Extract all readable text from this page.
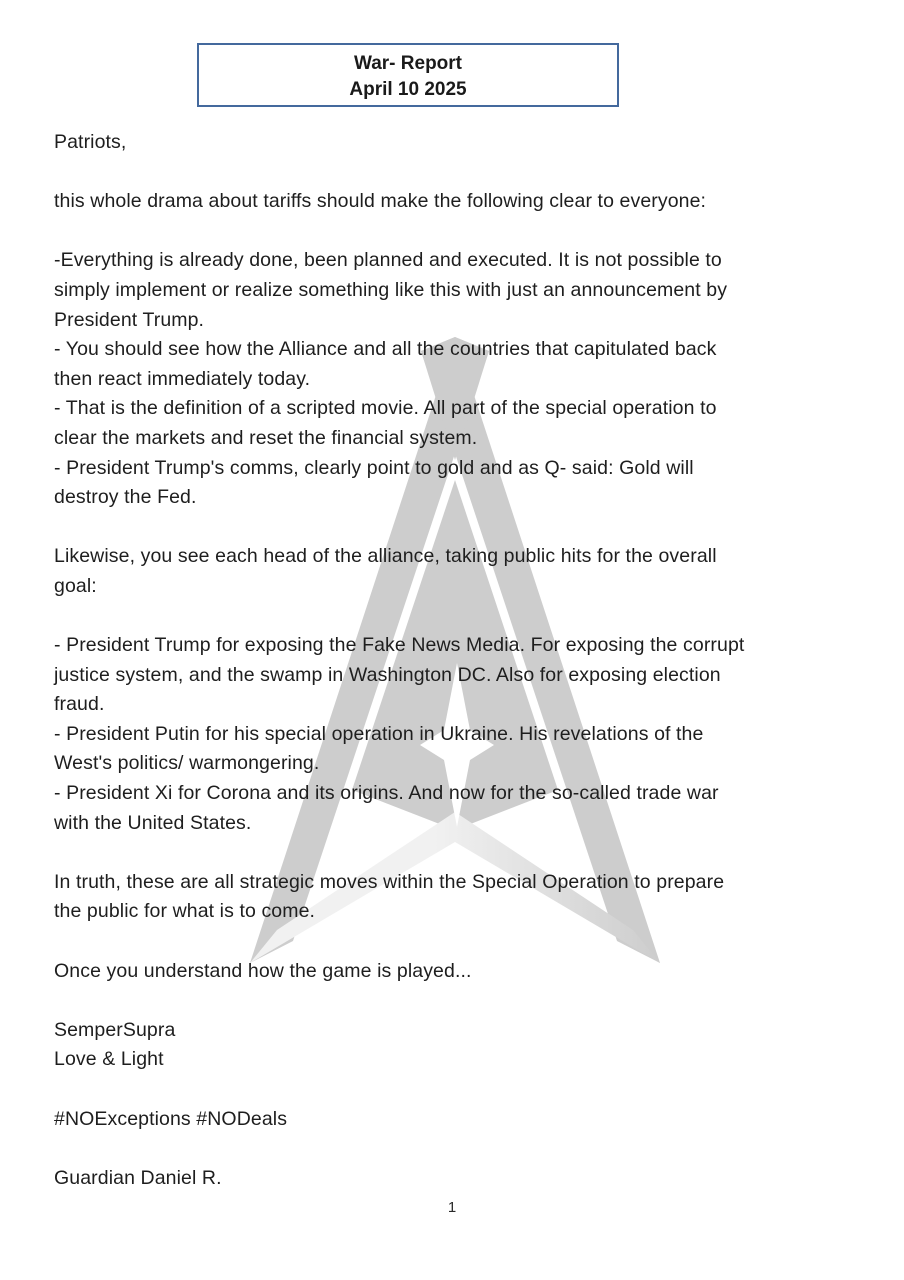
War- Report
April 10 2025
Patriots,
this whole drama about tariffs should make the following clear to everyone:
-Everything is already done, been planned and executed. It is not possible to
simply implement or realize something like this with just an announcement by
President Trump.
- You should see how the Alliance and all the countries that capitulated back
then react immediately today.
- That is the definition of a scripted movie. All part of the special operation to
clear the markets and reset the financial system.
- President Trump's comms, clearly point to gold and as Q- said: Gold will
destroy the Fed.
Likewise, you see each head of the alliance, taking public hits for the overall
goal:
- President Trump for exposing the Fake News Media. For exposing the corrupt
justice system, and the swamp in Washington DC. Also for exposing election
fraud.
- President Putin for his special operation in Ukraine. His revelations of the
West's politics/ warmongering.
- President Xi for Corona and its origins. And now for the so-called trade war
with the United States.
In truth, these are all strategic moves within the Special Operation to prepare
the public for what is to come.
Once you understand how the game is played...
SemperSupra
Love & Light
#NOExceptions #NODeals
Guardian Daniel R.
1
